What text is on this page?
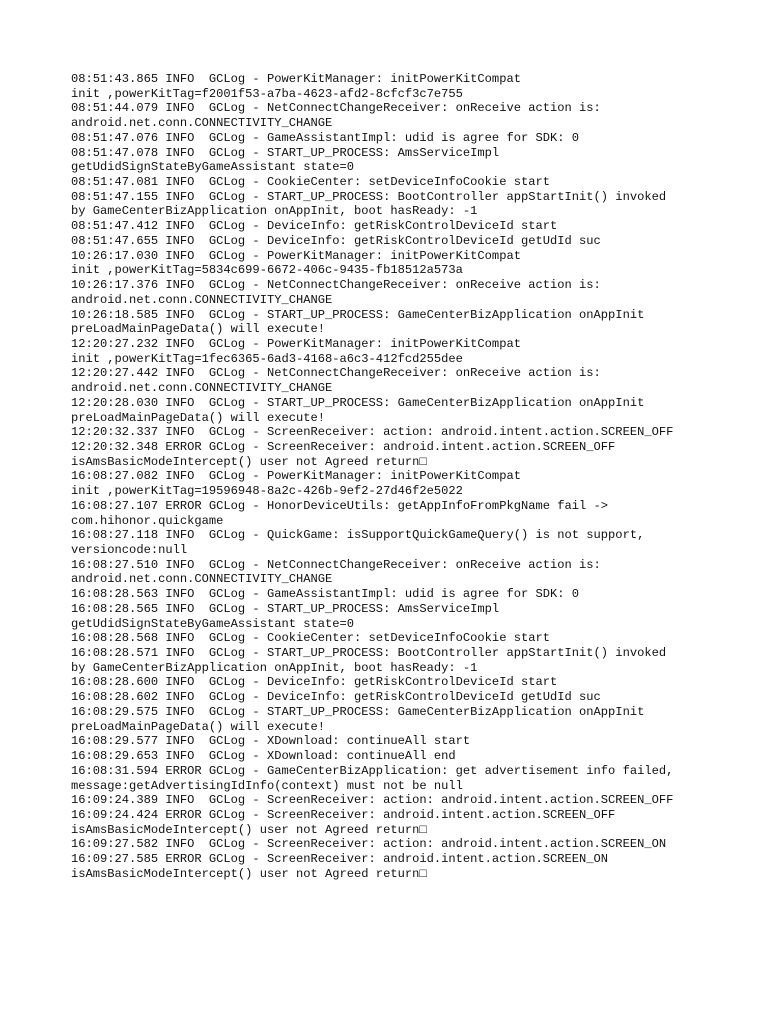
08:51:43.865 INFO  GCLog - PowerKitManager: initPowerKitCompat
init ,powerKitTag=f2001f53-a7ba-4623-afd2-8cfcf3c7e755
08:51:44.079 INFO  GCLog - NetConnectChangeReceiver: onReceive action is:
android.net.conn.CONNECTIVITY_CHANGE
08:51:47.076 INFO  GCLog - GameAssistantImpl: udid is agree for SDK: 0
08:51:47.078 INFO  GCLog - START_UP_PROCESS: AmsServiceImpl
getUdidSignStateByGameAssistant state=0
08:51:47.081 INFO  GCLog - CookieCenter: setDeviceInfoCookie start
08:51:47.155 INFO  GCLog - START_UP_PROCESS: BootController appStartInit() invoked
by GameCenterBizApplication onAppInit, boot hasReady: -1
08:51:47.412 INFO  GCLog - DeviceInfo: getRiskControlDeviceId start
08:51:47.655 INFO  GCLog - DeviceInfo: getRiskControlDeviceId getUdId suc
10:26:17.030 INFO  GCLog - PowerKitManager: initPowerKitCompat
init ,powerKitTag=5834c699-6672-406c-9435-fb18512a573a
10:26:17.376 INFO  GCLog - NetConnectChangeReceiver: onReceive action is:
android.net.conn.CONNECTIVITY_CHANGE
10:26:18.585 INFO  GCLog - START_UP_PROCESS: GameCenterBizApplication onAppInit
preLoadMainPageData() will execute!
12:20:27.232 INFO  GCLog - PowerKitManager: initPowerKitCompat
init ,powerKitTag=1fec6365-6ad3-4168-a6c3-412fcd255dee
12:20:27.442 INFO  GCLog - NetConnectChangeReceiver: onReceive action is:
android.net.conn.CONNECTIVITY_CHANGE
12:20:28.030 INFO  GCLog - START_UP_PROCESS: GameCenterBizApplication onAppInit
preLoadMainPageData() will execute!
12:20:32.337 INFO  GCLog - ScreenReceiver: action: android.intent.action.SCREEN_OFF
12:20:32.348 ERROR GCLog - ScreenReceiver: android.intent.action.SCREEN_OFF
isAmsBasicModeIntercept() user not Agreed return□
16:08:27.082 INFO  GCLog - PowerKitManager: initPowerKitCompat
init ,powerKitTag=19596948-8a2c-426b-9ef2-27d46f2e5022
16:08:27.107 ERROR GCLog - HonorDeviceUtils: getAppInfoFromPkgName fail ->
com.hihonor.quickgame
16:08:27.118 INFO  GCLog - QuickGame: isSupportQuickGameQuery() is not support,
versioncode:null
16:08:27.510 INFO  GCLog - NetConnectChangeReceiver: onReceive action is:
android.net.conn.CONNECTIVITY_CHANGE
16:08:28.563 INFO  GCLog - GameAssistantImpl: udid is agree for SDK: 0
16:08:28.565 INFO  GCLog - START_UP_PROCESS: AmsServiceImpl
getUdidSignStateByGameAssistant state=0
16:08:28.568 INFO  GCLog - CookieCenter: setDeviceInfoCookie start
16:08:28.571 INFO  GCLog - START_UP_PROCESS: BootController appStartInit() invoked
by GameCenterBizApplication onAppInit, boot hasReady: -1
16:08:28.600 INFO  GCLog - DeviceInfo: getRiskControlDeviceId start
16:08:28.602 INFO  GCLog - DeviceInfo: getRiskControlDeviceId getUdId suc
16:08:29.575 INFO  GCLog - START_UP_PROCESS: GameCenterBizApplication onAppInit
preLoadMainPageData() will execute!
16:08:29.577 INFO  GCLog - XDownload: continueAll start
16:08:29.653 INFO  GCLog - XDownload: continueAll end
16:08:31.594 ERROR GCLog - GameCenterBizApplication: get advertisement info failed,
message:getAdvertisingIdInfo(context) must not be null
16:09:24.389 INFO  GCLog - ScreenReceiver: action: android.intent.action.SCREEN_OFF
16:09:24.424 ERROR GCLog - ScreenReceiver: android.intent.action.SCREEN_OFF
isAmsBasicModeIntercept() user not Agreed return□
16:09:27.582 INFO  GCLog - ScreenReceiver: action: android.intent.action.SCREEN_ON
16:09:27.585 ERROR GCLog - ScreenReceiver: android.intent.action.SCREEN_ON
isAmsBasicModeIntercept() user not Agreed return□
